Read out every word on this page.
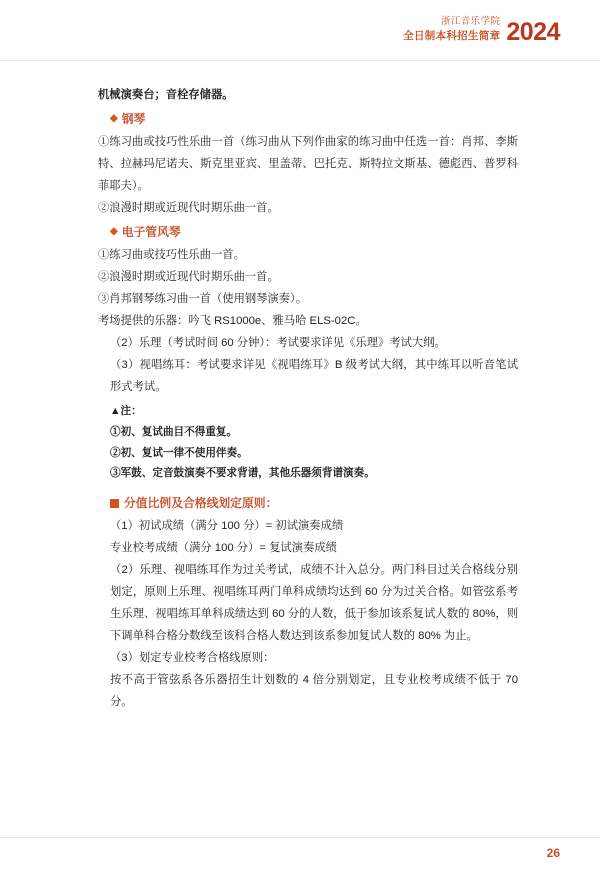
浙江音乐学院
全日制本科招生简章 2024

机械演奏台；音栓存储器。

◆ 钢琴

①练习曲或技巧性乐曲一首（练习曲从下列作曲家的练习曲中任选一首：肖邦、李斯特、拉赫玛尼诺夫、斯克里亚宾、里盖蒂、巴托克、斯特拉文斯基、德彪西、普罗科菲耶夫）。

②浪漫时期或近现代时期乐曲一首。

◆ 电子管风琴

①练习曲或技巧性乐曲一首。

②浪漫时期或近现代时期乐曲一首。

③肖邦钢琴练习曲一首（使用钢琴演奏）。

考场提供的乐器：吟飞 RS1000e、雅马哈 ELS-02C。

（2）乐理（考试时间 60 分钟）：考试要求详见《乐理》考试大纲。

（3）视唱练耳：考试要求详见《视唱练耳》B 级考试大纲，其中练耳以听音笔试形式考试。

▲注：
①初、复试曲目不得重复。
②初、复试一律不使用伴奏。
③军鼓、定音鼓演奏不要求背谱，其他乐器须背谱演奏。
分值比例及合格线划定原则：

（1）初试成绩（满分 100 分）= 初试演奏成绩

专业校考成绩（满分 100 分）= 复试演奏成绩

（2）乐理、视唱练耳作为过关考试，成绩不计入总分。两门科目过关合格线分别划定，原则上乐理、视唱练耳两门单科成绩均达到 60 分为过关合格。如管弦系考生乐理、视唱练耳单科成绩达到 60 分的人数，低于参加该系复试人数的 80%，则下调单科合格分数线至该科合格人数达到该系参加复试人数的 80% 为止。

（3）划定专业校考合格线原则：

按不高于管弦系各乐器招生计划数的 4 倍分别划定，且专业校考成绩不低于 70 分。

26
